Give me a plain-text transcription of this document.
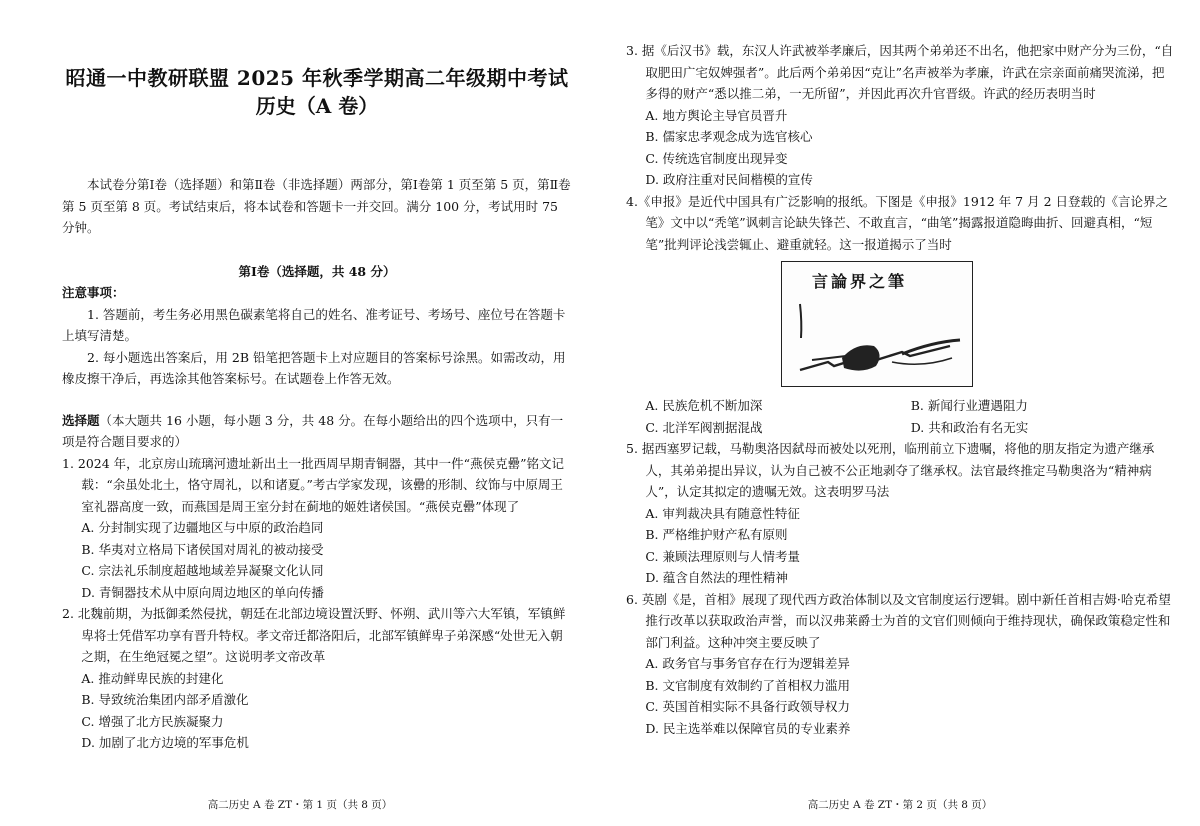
昭通一中教研联盟 2025 年秋季学期高二年级期中考试
历史（A 卷）

本试卷分第Ⅰ卷（选择题）和第Ⅱ卷（非选择题）两部分，第Ⅰ卷第 1 页至第 5 页，第Ⅱ卷第 5 页至第 8 页。考试结束后，将本试卷和答题卡一并交回。满分 100 分，考试用时 75 分钟。

第Ⅰ卷（选择题，共 48 分）
注意事项：

1. 答题前，考生务必用黑色碳素笔将自己的姓名、准考证号、考场号、座位号在答题卡上填写清楚。

2. 每小题选出答案后，用 2B 铅笔把答题卡上对应题目的答案标号涂黑。如需改动，用橡皮擦干净后，再选涂其他答案标号。在试题卷上作答无效。

选择题（本大题共 16 小题，每小题 3 分，共 48 分。在每小题给出的四个选项中，只有一项是符合题目要求的）

1. 2024 年，北京房山琉璃河遗址新出土一批西周早期青铜器，其中一件“燕侯克罍”铭文记载：“余虽处北土，恪守周礼，以和诸夏。”考古学家发现，该罍的形制、纹饰与中原周王室礼器高度一致，而燕国是周王室分封在蓟地的姬姓诸侯国。“燕侯克罍”体现了

A. 分封制实现了边疆地区与中原的政治趋同

B. 华夷对立格局下诸侯国对周礼的被动接受

C. 宗法礼乐制度超越地域差异凝聚文化认同

D. 青铜器技术从中原向周边地区的单向传播

2. 北魏前期，为抵御柔然侵扰，朝廷在北部边境设置沃野、怀朔、武川等六大军镇，军镇鲜卑将士凭借军功享有晋升特权。孝文帝迁都洛阳后，北部军镇鲜卑子弟深感“处世无入朝之期，在生绝冠冕之望”。这说明孝文帝改革

A. 推动鲜卑民族的封建化

B. 导致统治集团内部矛盾激化

C. 增强了北方民族凝聚力

D. 加剧了北方边境的军事危机

高二历史 A 卷 ZT・第 1 页（共 8 页）

3. 据《后汉书》载，东汉人许武被举孝廉后，因其两个弟弟还不出名，他把家中财产分为三份，“自取肥田广宅奴婢强者”。此后两个弟弟因“克让”名声被举为孝廉，许武在宗亲面前痛哭流涕，把多得的财产“悉以推二弟，一无所留”，并因此再次升官晋级。许武的经历表明当时

A. 地方舆论主导官员晋升

B. 儒家忠孝观念成为选官核心

C. 传统选官制度出现异变

D. 政府注重对民间楷模的宣传

4.《申报》是近代中国具有广泛影响的报纸。下图是《申报》1912 年 7 月 2 日登载的《言论界之笔》文中以“秃笔”讽刺言论缺失锋芒、不敢直言，“曲笔”揭露报道隐晦曲折、回避真相，“短笔”批判评论浅尝辄止、避重就轻。这一报道揭示了当时

言論界之筆
A. 民族危机不断加深	B. 新闻行业遭遇阻力
C. 北洋军阀割据混战	D. 共和政治有名无实

5. 据西塞罗记载，马勒奥洛因弑母而被处以死刑，临刑前立下遗嘱，将他的朋友指定为遗产继承人，其弟弟提出异议，认为自己被不公正地剥夺了继承权。法官最终推定马勒奥洛为“精神病人”，认定其拟定的遗嘱无效。这表明罗马法

A. 审判裁决具有随意性特征

B. 严格维护财产私有原则

C. 兼顾法理原则与人情考量

D. 蕴含自然法的理性精神

6. 英剧《是，首相》展现了现代西方政治体制以及文官制度运行逻辑。剧中新任首相吉姆·哈克希望推行改革以获取政治声誉，而以汉弗莱爵士为首的文官们则倾向于维持现状，确保政策稳定性和部门利益。这种冲突主要反映了

A. 政务官与事务官存在行为逻辑差异

B. 文官制度有效制约了首相权力滥用

C. 英国首相实际不具备行政领导权力

D. 民主选举难以保障官员的专业素养

高二历史 A 卷 ZT・第 2 页（共 8 页）
